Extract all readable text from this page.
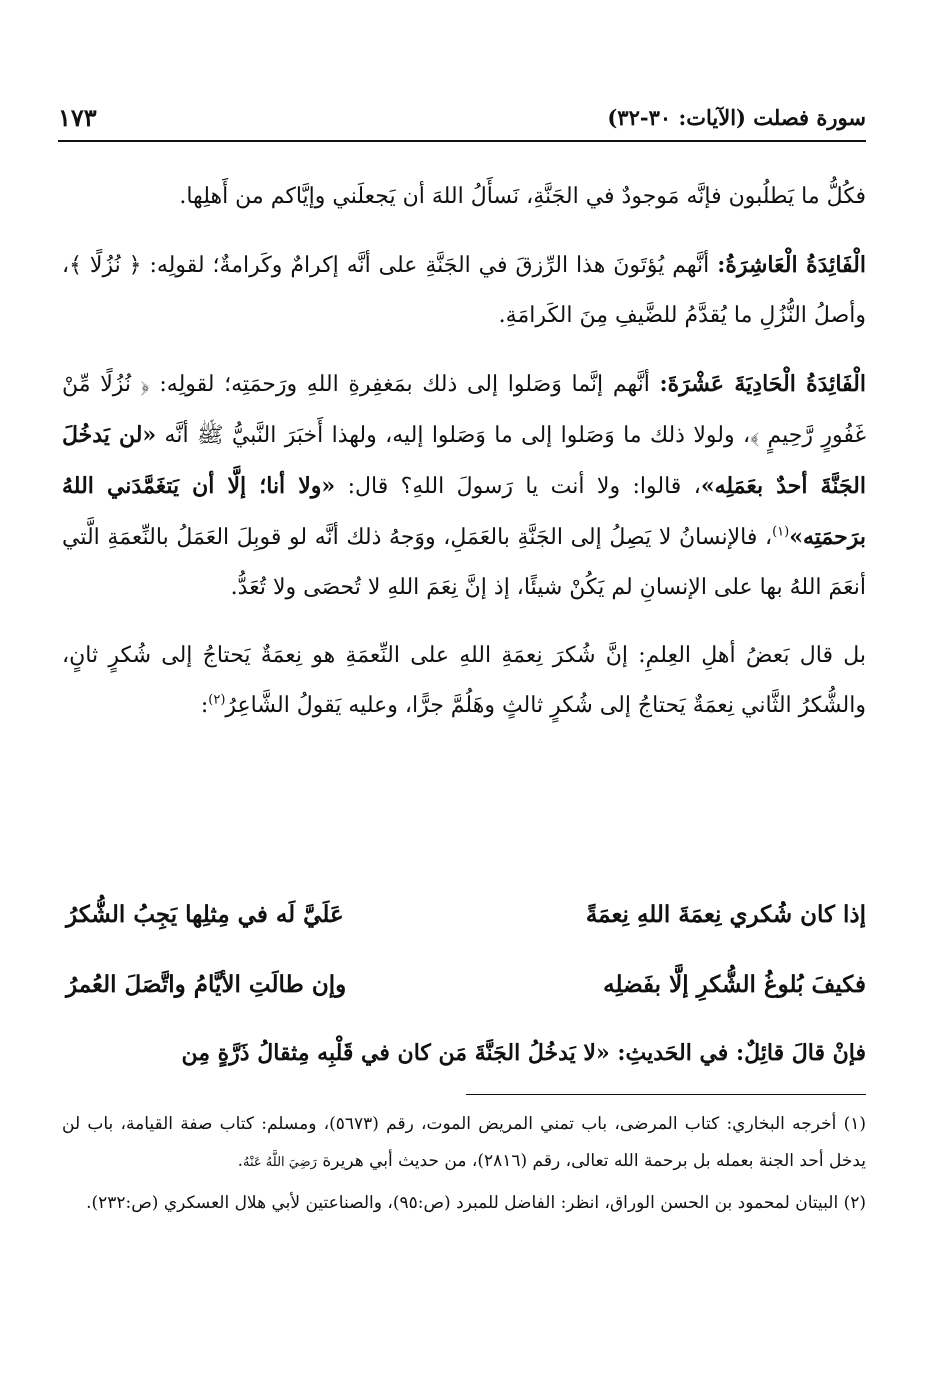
سورة فصلت (الآيات: ٣٠-٣٢)
١٧٣

فكُلُّ ما يَطلُبون فإنَّه مَوجودٌ في الجَنَّةِ، نَسأَلُ اللهَ أن يَجعلَني وإيَّاكم من أَهلِها.

الْفَائِدَةُ الْعَاشِرَةُ: أنَّهم يُؤتَونَ هذا الرِّزقَ في الجَنَّةِ على أنَّه إكرامٌ وكَرامةٌ؛ لقولِه: ﴿ نُزُلًا ﴾، وأصلُ النُّزُلِ ما يُقدَّمُ للضَّيفِ مِنَ الكَرامَةِ.

الْفَائِدَةُ الْحَادِيَةَ عَشْرَةَ: أنَّهم إنَّما وَصَلوا إلى ذلك بمَغفِرةِ اللهِ ورَحمَتِه؛ لقولِه: ﴿ نُزُلًا مِّنْ غَفُورٍ رَّحِيمٍ ﴾، ولولا ذلك ما وَصَلوا إلى ما وَصَلوا إليه، ولهذا أَخبَرَ النَّبيُّ ﷺ أنَّه «لن يَدخُلَ الجَنَّةَ أحدٌ بعَمَلِه»، قالوا: ولا أنت يا رَسولَ اللهِ؟ قال: «ولا أنا؛ إلَّا أن يَتغَمَّدَني اللهُ برَحمَتِه»$^{(١)}$، فالإنسانُ لا يَصِلُ إلى الجَنَّةِ بالعَمَلِ، ووَجهُ ذلك أنَّه لو قوبِلَ العَمَلُ بالنِّعمَةِ الَّتي أنعَمَ اللهُ بها على الإنسانِ لم يَكُنْ شيئًا، إذ إنَّ نِعَمَ اللهِ لا تُحصَى ولا تُعَدُّ.

بل قال بَعضُ أهلِ العِلمِ: إنَّ شُكرَ نِعمَةِ اللهِ على النِّعمَةِ هو نِعمَةٌ يَحتاجُ إلى شُكرٍ ثانٍ، والشُّكرُ الثَّاني نِعمَةٌ يَحتاجُ إلى شُكرٍ ثالثٍ وهَلُمَّ جرًّا، وعليه يَقولُ الشَّاعِرُ$^{(٢)}$:

إذا كان شُكري نِعمَةَ اللهِ نِعمَةً
عَلَيَّ لَه في مِثلِها يَجِبُ الشُّكرُ
فكيفَ بُلوغُ الشُّكرِ إلَّا بفَضلِه
وإن طالَتِ الأيَّامُ واتَّصَلَ العُمرُ
فإنْ قالَ قائِلٌ: في الحَديثِ: «لا يَدخُلُ الجَنَّةَ مَن كان في قَلْبِه مِثقالُ ذَرَّةٍ مِن

(١) أخرجه البخاري: كتاب المرضى، باب تمني المريض الموت، رقم (٥٦٧٣)، ومسلم: كتاب صفة القيامة، باب لن يدخل أحد الجنة بعمله بل برحمة الله تعالى، رقم (٢٨١٦)، من حديث أبي هريرة رَضِيَ اللَّهُ عَنْهُ.

(٢) البيتان لمحمود بن الحسن الوراق، انظر: الفاضل للمبرد (ص:٩٥)، والصناعتين لأبي هلال العسكري (ص:٢٣٢).
